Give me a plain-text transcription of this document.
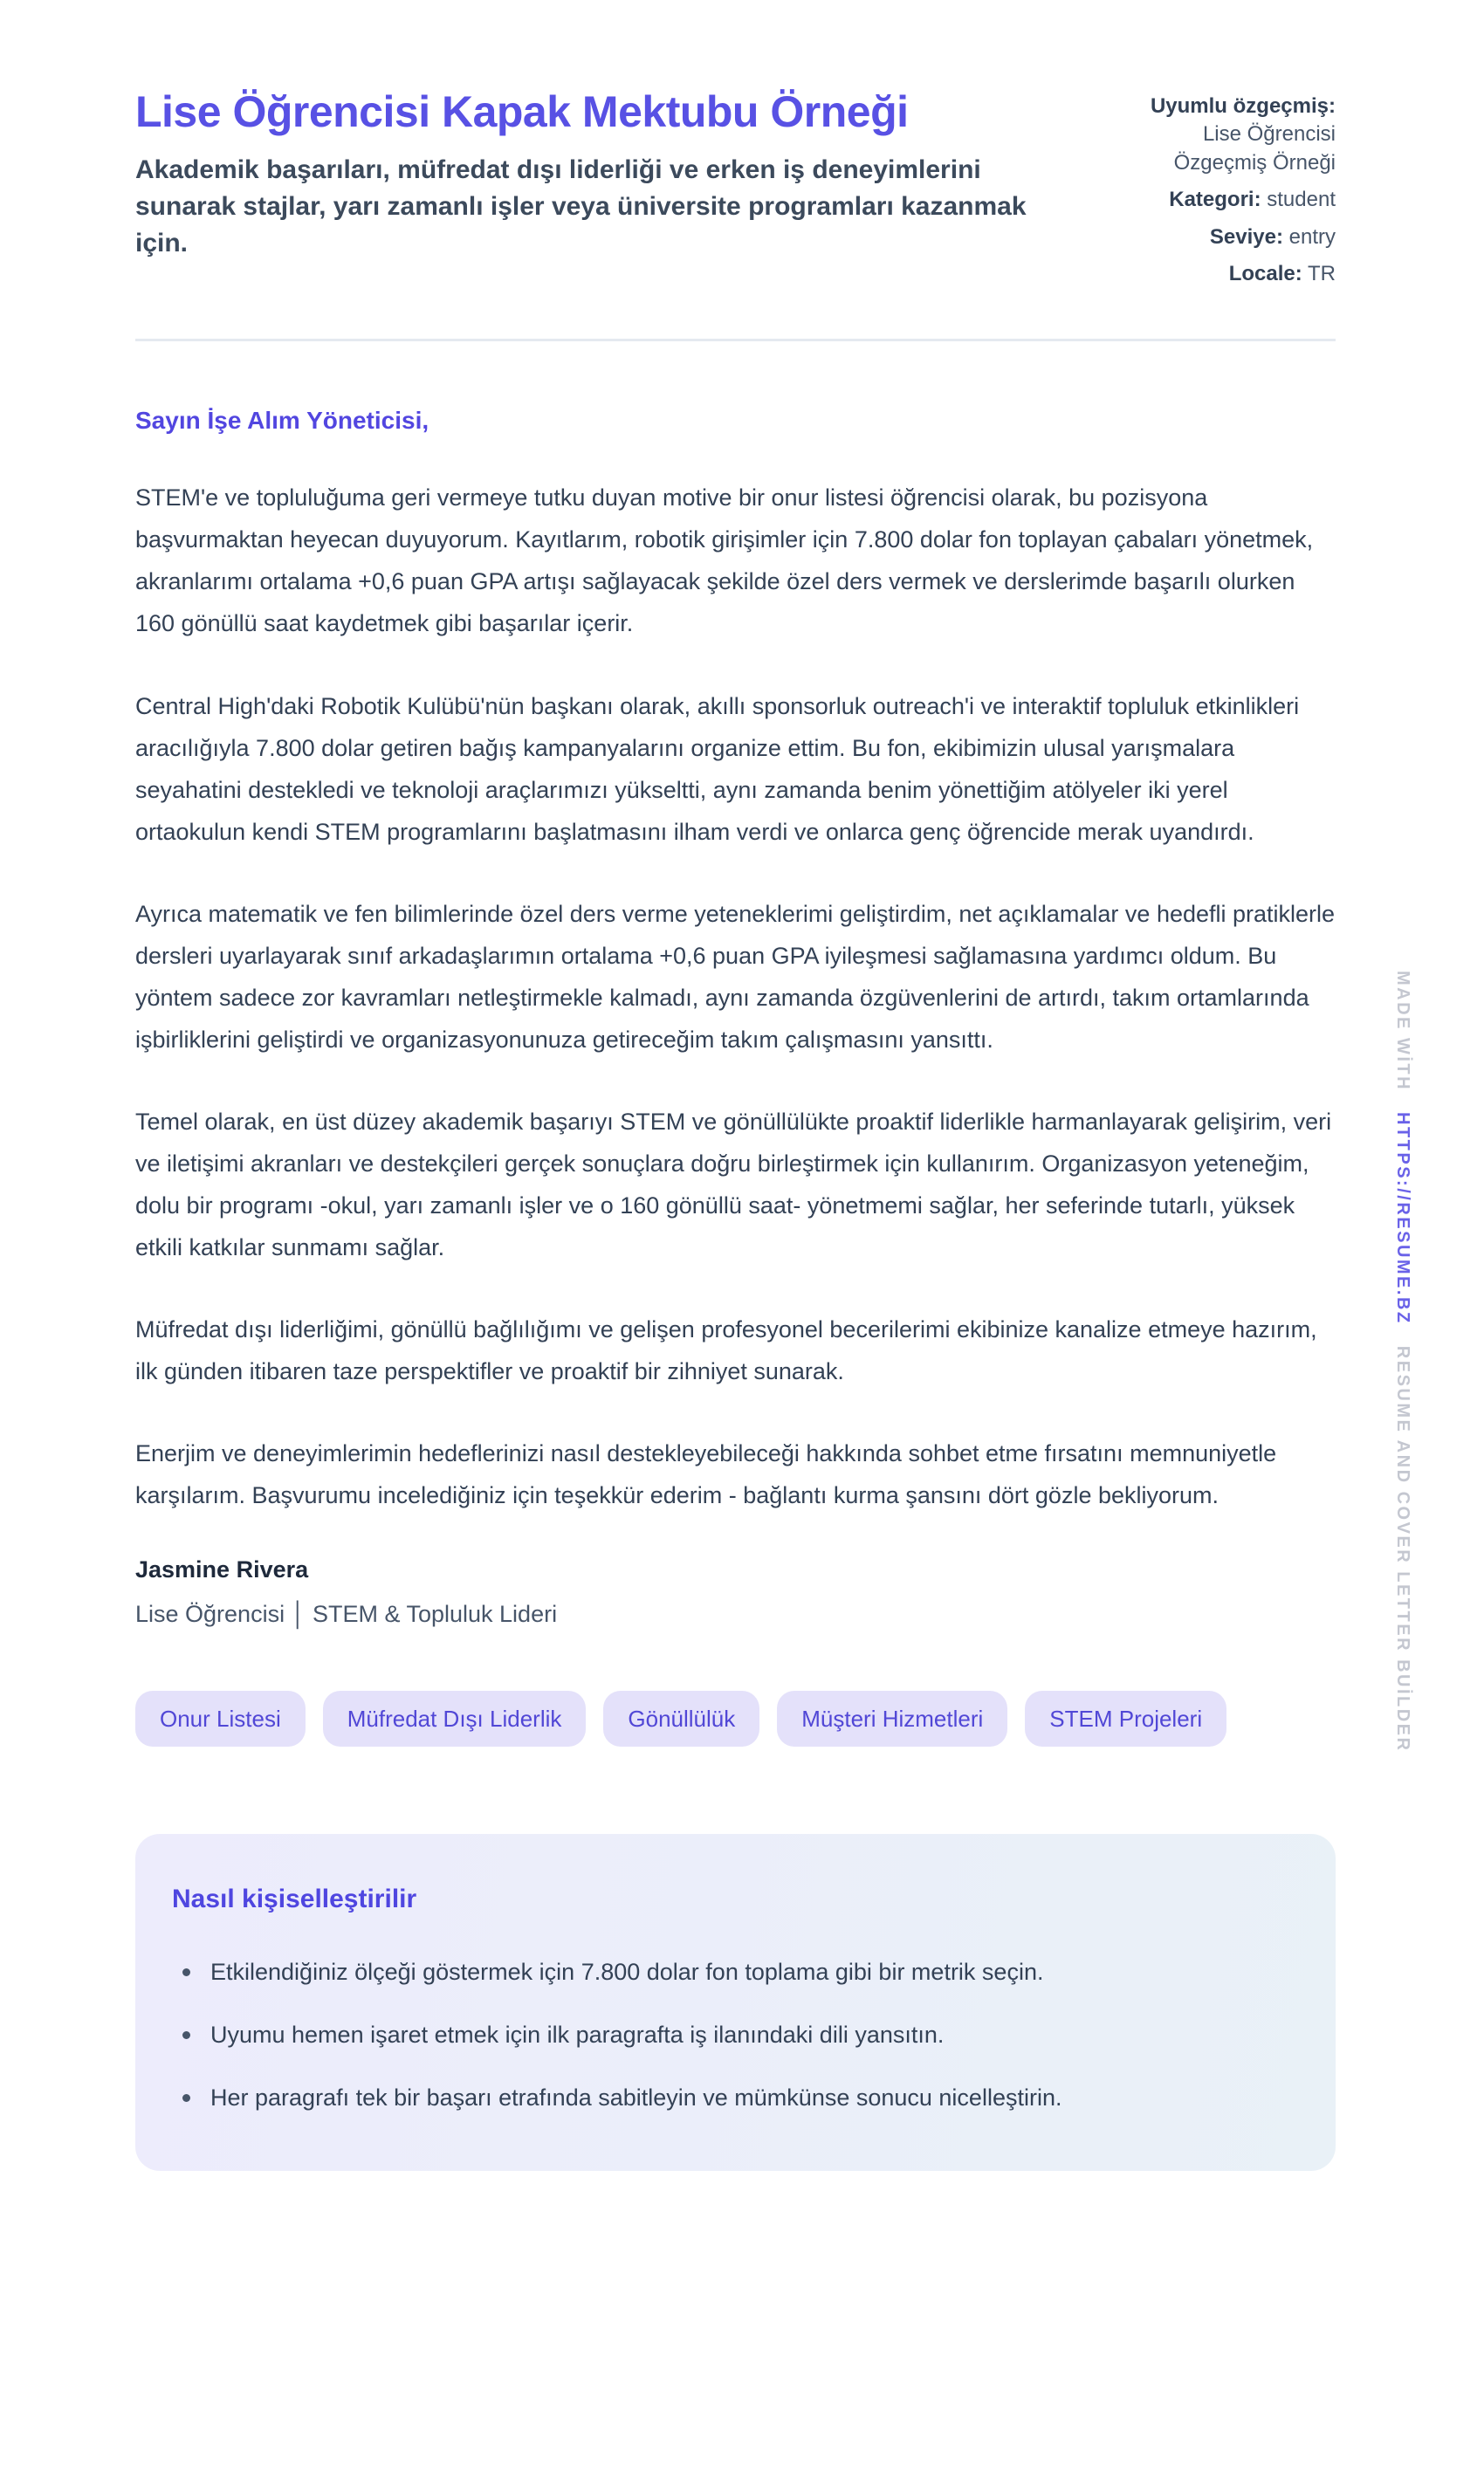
MADE WİTH HTTPS://RESUME.BZ RESUME AND COVER LETTER BUİLDER
Lise Öğrencisi Kapak Mektubu Örneği

Akademik başarıları, müfredat dışı liderliği ve erken iş deneyimlerini sunarak stajlar, yarı zamanlı işler veya üniversite programları kazanmak için.

Uyumlu özgeçmiş: Lise Öğrencisi Özgeçmiş Örneği

Kategori: student

Seviye: entry

Locale: TR

Sayın İşe Alım Yöneticisi,

STEM'e ve topluluğuma geri vermeye tutku duyan motive bir onur listesi öğrencisi olarak, bu pozisyona başvurmaktan heyecan duyuyorum. Kayıtlarım, robotik girişimler için 7.800 dolar fon toplayan çabaları yönetmek, akranlarımı ortalama +0,6 puan GPA artışı sağlayacak şekilde özel ders vermek ve derslerimde başarılı olurken 160 gönüllü saat kaydetmek gibi başarılar içerir.

Central High'daki Robotik Kulübü'nün başkanı olarak, akıllı sponsorluk outreach'i ve interaktif topluluk etkinlikleri aracılığıyla 7.800 dolar getiren bağış kampanyalarını organize ettim. Bu fon, ekibimizin ulusal yarışmalara seyahatini destekledi ve teknoloji araçlarımızı yükseltti, aynı zamanda benim yönettiğim atölyeler iki yerel ortaokulun kendi STEM programlarını başlatmasını ilham verdi ve onlarca genç öğrencide merak uyandırdı.

Ayrıca matematik ve fen bilimlerinde özel ders verme yeteneklerimi geliştirdim, net açıklamalar ve hedefli pratiklerle dersleri uyarlayarak sınıf arkadaşlarımın ortalama +0,6 puan GPA iyileşmesi sağlamasına yardımcı oldum. Bu yöntem sadece zor kavramları netleştirmekle kalmadı, aynı zamanda özgüvenlerini de artırdı, takım ortamlarında işbirliklerini geliştirdi ve organizasyonunuza getireceğim takım çalışmasını yansıttı.

Temel olarak, en üst düzey akademik başarıyı STEM ve gönüllülükte proaktif liderlikle harmanlayarak gelişirim, veri ve iletişimi akranları ve destekçileri gerçek sonuçlara doğru birleştirmek için kullanırım. Organizasyon yeteneğim, dolu bir programı -okul, yarı zamanlı işler ve o 160 gönüllü saat- yönetmemi sağlar, her seferinde tutarlı, yüksek etkili katkılar sunmamı sağlar.

Müfredat dışı liderliğimi, gönüllü bağlılığımı ve gelişen profesyonel becerilerimi ekibinize kanalize etmeye hazırım, ilk günden itibaren taze perspektifler ve proaktif bir zihniyet sunarak.

Enerjim ve deneyimlerimin hedeflerinizi nasıl destekleyebileceği hakkında sohbet etme fırsatını memnuniyetle karşılarım. Başvurumu incelediğiniz için teşekkür ederim - bağlantı kurma şansını dört gözle bekliyorum.

Jasmine Rivera

Lise Öğrencisi │ STEM & Topluluk Lideri

Onur Listesi	Müfredat Dışı Liderlik	Gönüllülük	Müşteri Hizmetleri	STEM Projeleri
Nasıl kişiselleştirilir
Etkilendiğiniz ölçeği göstermek için 7.800 dolar fon toplama gibi bir metrik seçin.
Uyumu hemen işaret etmek için ilk paragrafta iş ilanındaki dili yansıtın.
Her paragrafı tek bir başarı etrafında sabitleyin ve mümkünse sonucu nicelleştirin.
